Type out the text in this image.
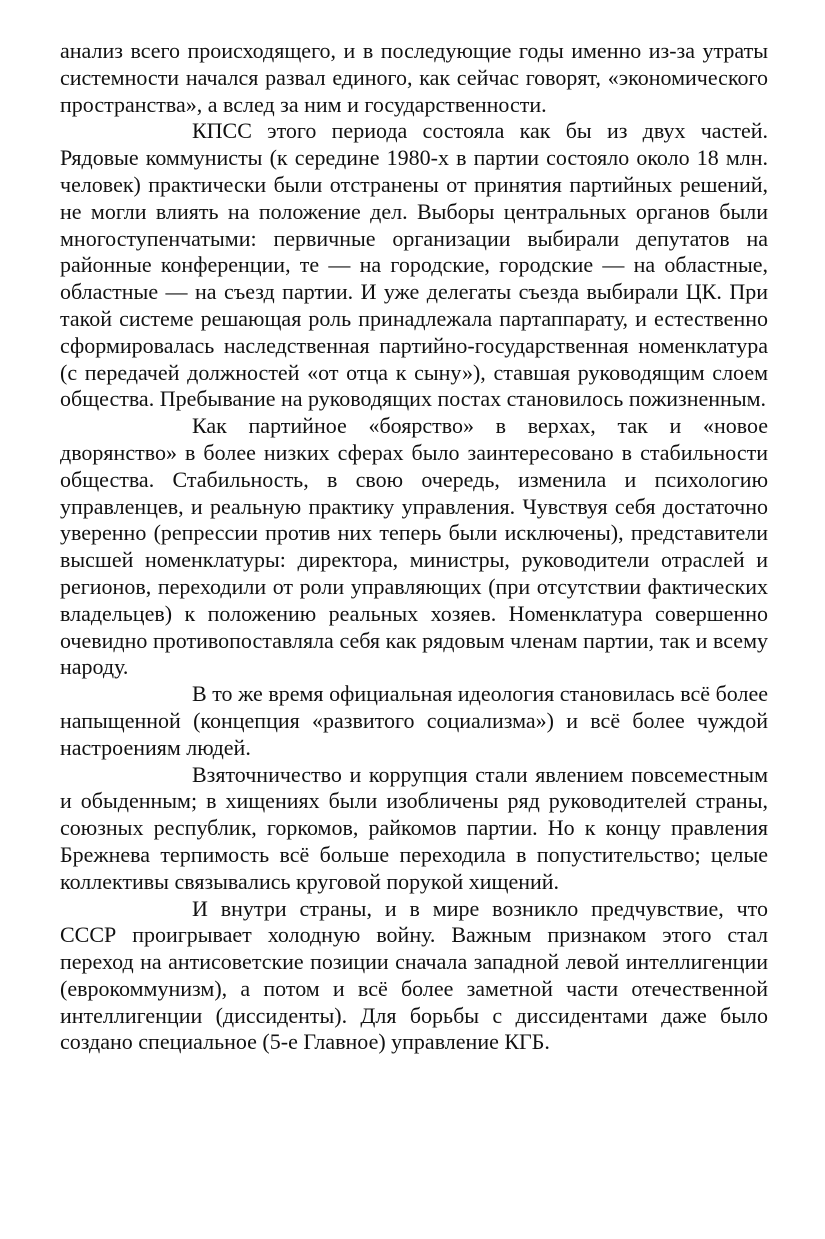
анализ всего происходящего, и в последующие годы именно из-за утраты системности начался развал единого, как сейчас говорят, «экономического пространства», а вслед за ним и государственности.

КПСС этого периода состояла как бы из двух частей. Рядовые коммунисты (к середине 1980-х в партии состояло около 18 млн. человек) практически были отстранены от принятия партийных решений, не могли влиять на положение дел. Выборы центральных органов были многоступенчатыми: первичные организации выбирали депутатов на районные конференции, те — на городские, городские — на областные, областные — на съезд партии. И уже делегаты съезда выбирали ЦК. При такой системе решающая роль принадлежала партаппарату, и естественно сформировалась наследственная партийно-государственная номенклатура (с передачей должностей «от отца к сыну»), ставшая руководящим слоем общества. Пребывание на руководящих постах становилось пожизненным.

Как партийное «боярство» в верхах, так и «новое дворянство» в более низких сферах было заинтересовано в стабильности общества. Стабильность, в свою очередь, изменила и психологию управленцев, и реальную практику управления. Чувствуя себя достаточно уверенно (репрессии против них теперь были исключены), представители высшей номенклатуры: директора, министры, руководители отраслей и регионов, переходили от роли управляющих (при отсутствии фактических владельцев) к положению реальных хозяев. Номенклатура совершенно очевидно противопоставляла себя как рядовым членам партии, так и всему народу.

В то же время официальная идеология становилась всё более напыщенной (концепция «развитого социализма») и всё более чуждой настроениям людей.

Взяточничество и коррупция стали явлением повсеместным и обыденным; в хищениях были изобличены ряд руководителей страны, союзных республик, горкомов, райкомов партии. Но к концу правления Брежнева терпимость всё больше переходила в попустительство; целые коллективы связывались круговой порукой хищений.

И внутри страны, и в мире возникло предчувствие, что СССР проигрывает холодную войну. Важным признаком этого стал переход на антисоветские позиции сначала западной левой интеллигенции (еврокоммунизм), а потом и всё более заметной части отечественной интеллигенции (диссиденты). Для борьбы с диссидентами даже было создано специальное (5-е Главное) управление КГБ.
